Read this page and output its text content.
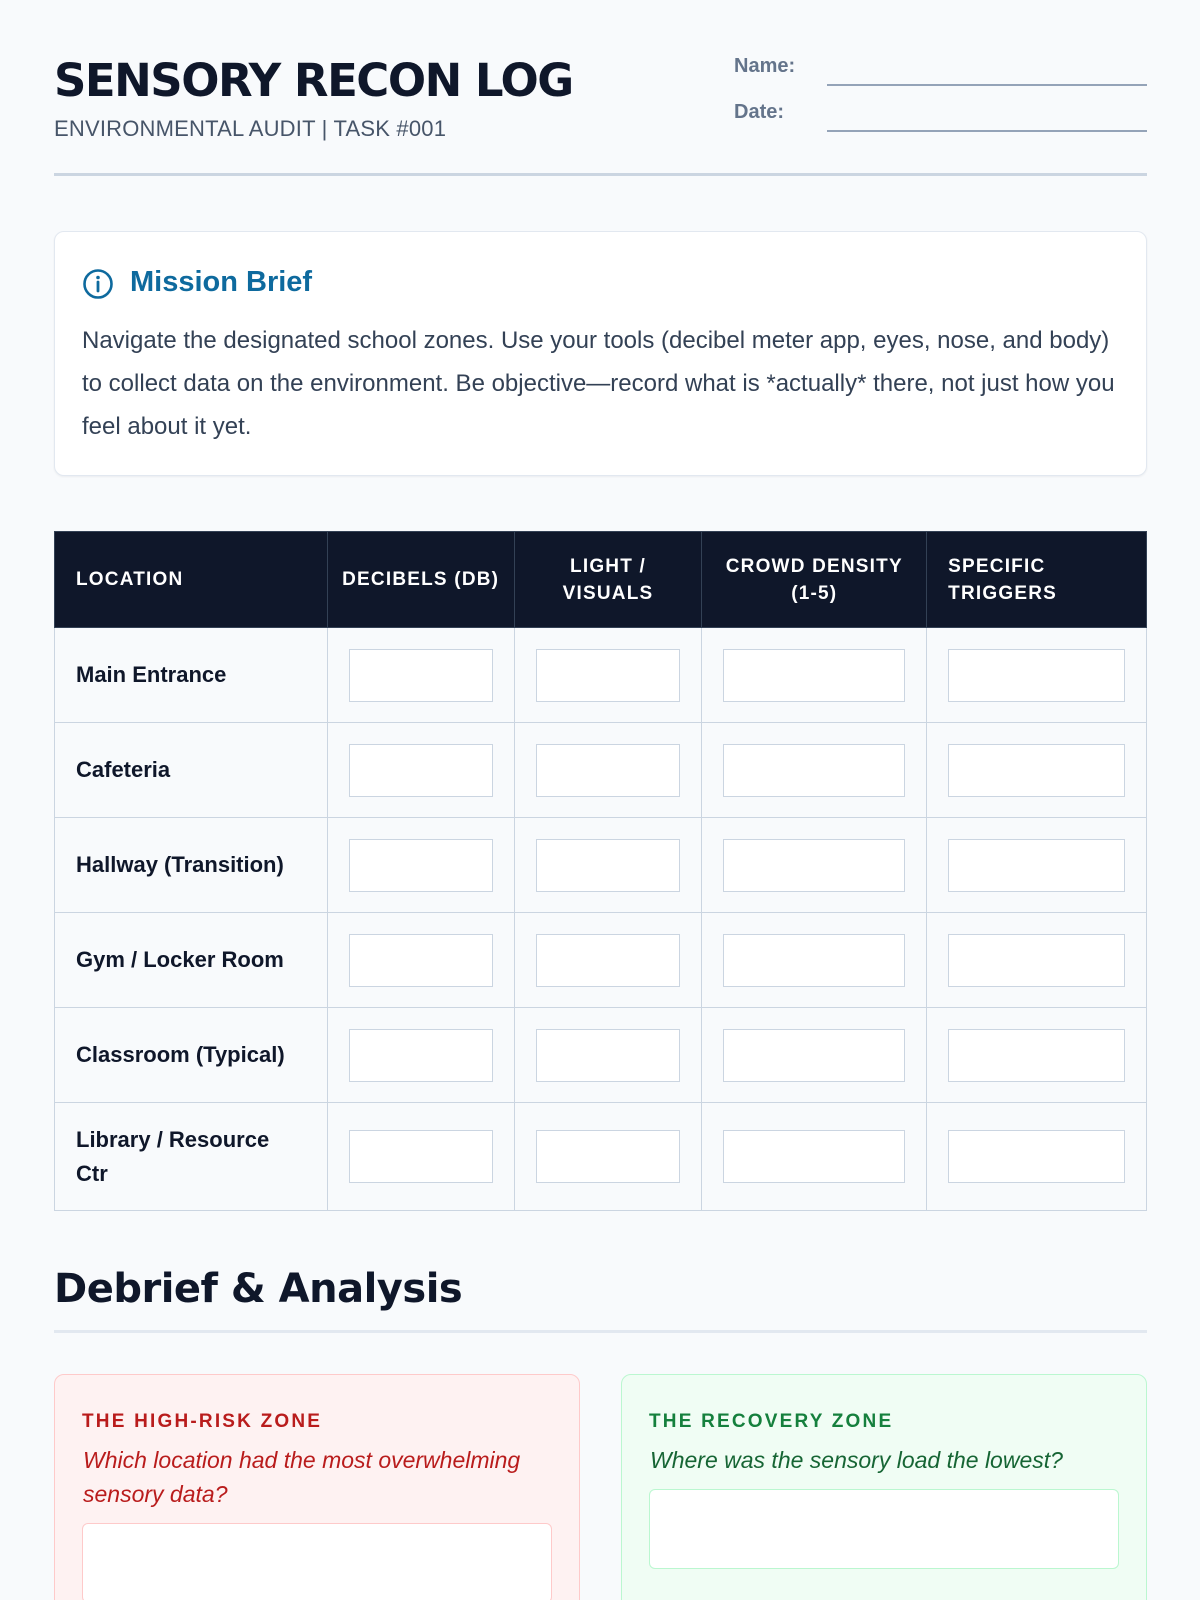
SENSORY RECON LOG
ENVIRONMENTAL AUDIT | TASK #001
Name:
Date:
Mission Brief
Navigate the designated school zones. Use your tools (decibel meter app, eyes, nose, and body) to collect data on the environment. Be objective—record what is *actually* there, not just how you feel about it yet.
LOCATION	DECIBELS (DB)	LIGHT / VISUALS	CROWD DENSITY (1-5)	SPECIFIC TRIGGERS
Main Entrance	

Cafeteria	

Hallway (Transition)	

Gym / Locker Room	

Classroom (Typical)	

Library / Resource Ctr	

Debrief & Analysis
THE HIGH-RISK ZONE
Which location had the most overwhelming sensory data?
THE RECOVERY ZONE
Where was the sensory load the lowest?
